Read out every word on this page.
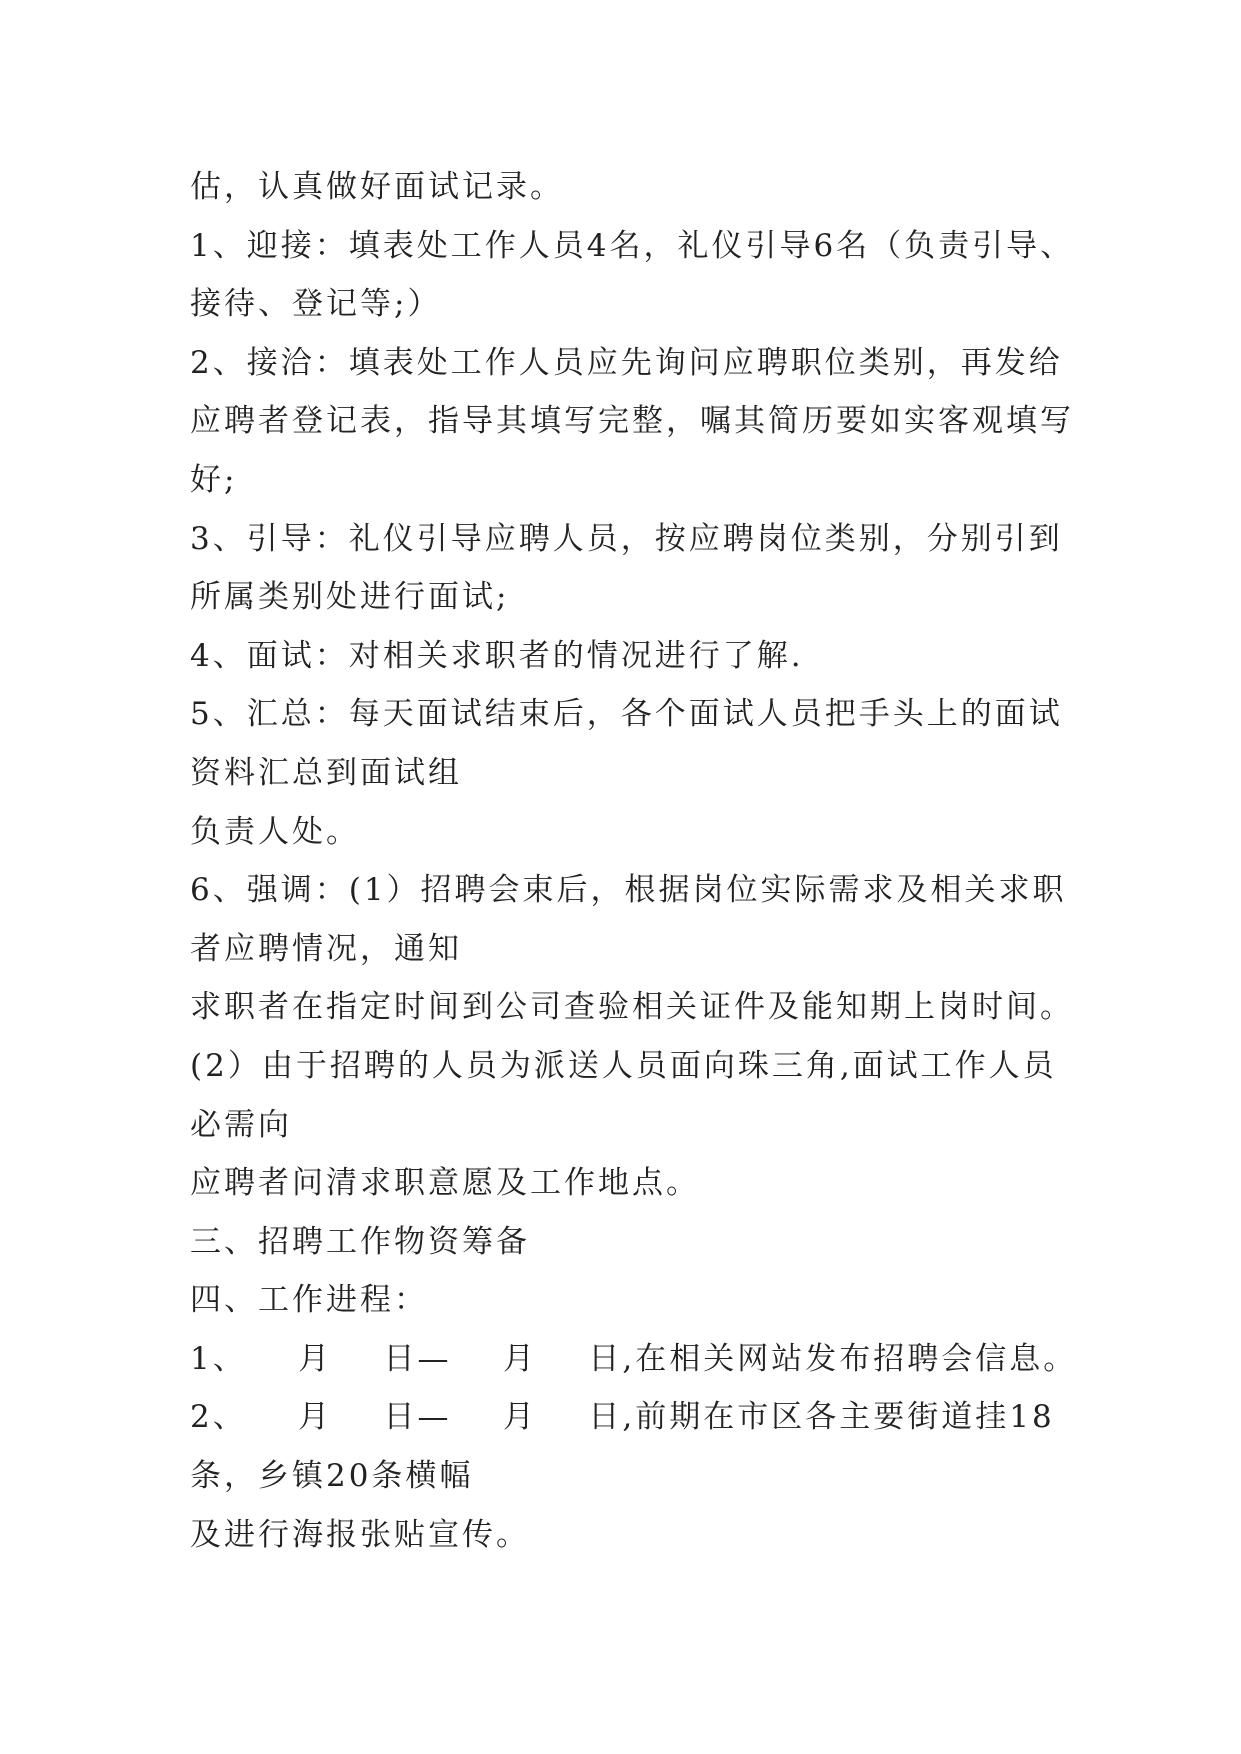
估，认真做好面试记录。
1、迎接：填表处工作人员4名，礼仪引导6名（负责引导、
接待、登记等;）
2、接洽：填表处工作人员应先询问应聘职位类别，再发给
应聘者登记表，指导其填写完整，嘱其简历要如实客观填写
好;
3、引导：礼仪引导应聘人员，按应聘岗位类别，分别引到
所属类别处进行面试;
4、面试：对相关求职者的情况进行了解.
5、汇总：每天面试结束后，各个面试人员把手头上的面试
资料汇总到面试组
负责人处。
6、强调：(1）招聘会束后，根据岗位实际需求及相关求职
者应聘情况，通知
求职者在指定时间到公司查验相关证件及能知期上岗时间。
(2）由于招聘的人员为派送人员面向珠三角,面试工作人员
必需向
应聘者问清求职意愿及工作地点。
三、招聘工作物资筹备
四、工作进程：
1、    月    日—    月    日,在相关网站发布招聘会信息。
2、    月    日—    月    日,前期在市区各主要街道挂18
条，乡镇20条横幅
及进行海报张贴宣传。
